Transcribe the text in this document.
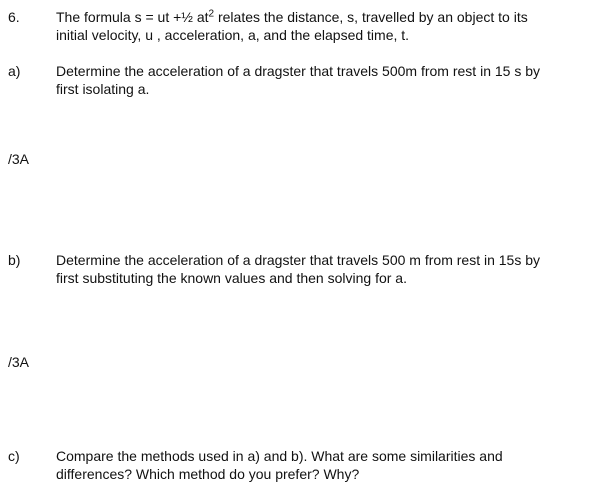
6.	The formula s = ut +½ $at^2$ relates the distance, s, travelled by an object to its
initial velocity, u , acceleration, a, and the elapsed time, t.
a)	Determine the acceleration of a dragster that travels 500m from rest in 15 s by
first isolating a.
/3A
b)	Determine the acceleration of a dragster that travels 500 m from rest in 15s by
first substituting the known values and then solving for a.
/3A
c)	Compare the methods used in a) and b). What are some similarities and
differences? Which method do you prefer? Why?
